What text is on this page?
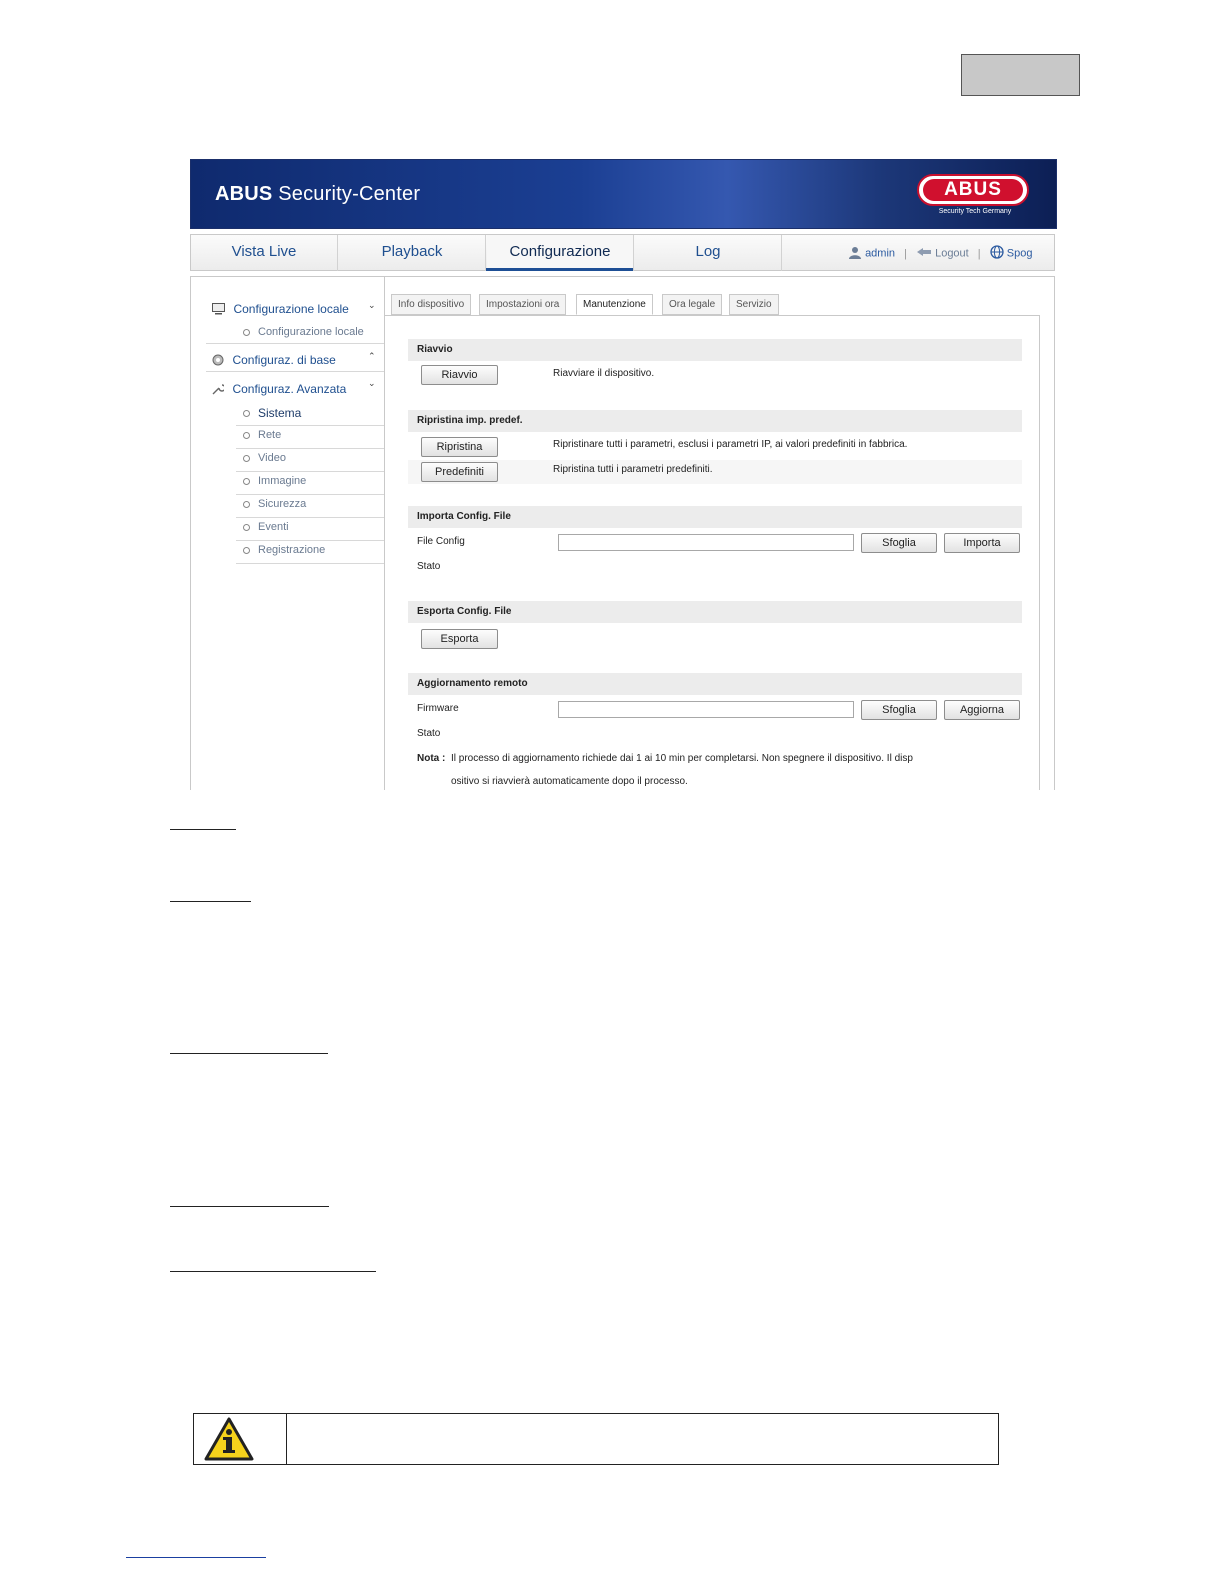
ABUS Security-Center	ABUS
Security Tech Germany
Vista Live	Playback	Configurazione	Log	admin |	Logout | Spog
Configurazione locale ⌄
Configurazione locale
Configuraz. di base	⌃
Configuraz. Avanzata ⌄
Sistema
Rete
Video
Immagine
Sicurezza
Eventi
Registrazione
Info dispositivo	Impostazioni ora	Manutenzione	Ora legale	Servizio
Riavvio
Riavvio	Riavviare il dispositivo.
Ripristina imp. predef.
Ripristina	Ripristinare tutti i parametri, esclusi i parametri IP, ai valori predefiniti in fabbrica.
Predefiniti	Ripristina tutti i parametri predefiniti.
Importa Config. File
File Config	Sfoglia	Importa
Stato
Esporta Config. File
Esporta
Aggiornamento remoto
Firmware	Sfoglia	Aggiorna
Stato
Nota : Il processo di aggiornamento richiede dai 1 ai 10 min per completarsi. Non spegnere il dispositivo. Il disp
ositivo si riavvierà automaticamente dopo il processo.
